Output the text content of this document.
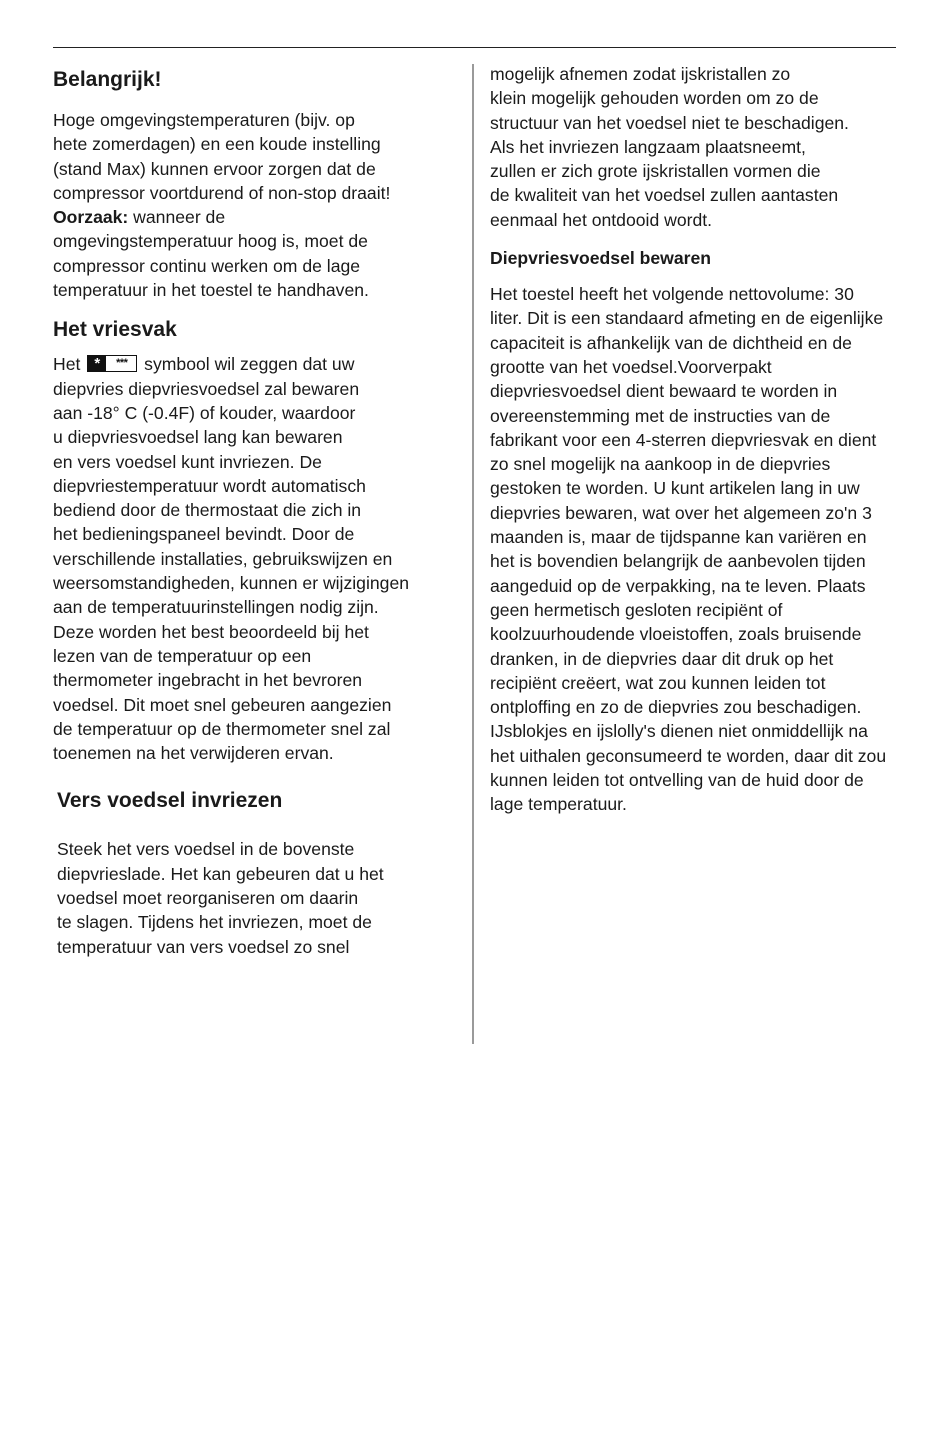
Belangrijk!
Hoge omgevingstemperaturen (bijv. op
hete zomerdagen) en een koude instelling
(stand Max) kunnen ervoor zorgen dat de
compressor voortdurend of non-stop draait!
Oorzaak: wanneer de
omgevingstemperatuur hoog is, moet de
compressor continu werken om de lage
temperatuur in het toestel te handhaven.
Het vriesvak
Het *	*** symbool wil zeggen dat uw
diepvries diepvriesvoedsel zal bewaren
aan -18° C (-0.4F) of kouder, waardoor
u diepvriesvoedsel lang kan bewaren
en vers voedsel kunt invriezen. De
diepvriestemperatuur wordt automatisch
bediend door de thermostaat die zich in
het bedieningspaneel bevindt. Door de
verschillende installaties, gebruikswijzen en
weersomstandigheden, kunnen er wijzigingen
aan de temperatuurinstellingen nodig zijn.
Deze worden het best beoordeeld bij het
lezen van de temperatuur op een
thermometer ingebracht in het bevroren
voedsel. Dit moet snel gebeuren aangezien
de temperatuur op de thermometer snel zal
toenemen na het verwijderen ervan.
Vers voedsel invriezen
Steek het vers voedsel in de bovenste
diepvrieslade. Het kan gebeuren dat u het
voedsel moet reorganiseren om daarin
te slagen. Tijdens het invriezen, moet de
temperatuur van vers voedsel zo snel
mogelijk afnemen zodat ijskristallen zo
klein mogelijk gehouden worden om zo de
structuur van het voedsel niet te beschadigen.
Als het invriezen langzaam plaatsneemt,
zullen er zich grote ijskristallen vormen die
de kwaliteit van het voedsel zullen aantasten
eenmaal het ontdooid wordt.
Diepvriesvoedsel bewaren
Het toestel heeft het volgende nettovolume: 30
liter. Dit is een standaard afmeting en de eigenlijke
capaciteit is afhankelijk van de dichtheid en de
grootte van het voedsel.Voorverpakt
diepvriesvoedsel dient bewaard te worden in
overeenstemming met de instructies van de
fabrikant voor een 4-sterren diepvriesvak en dient
zo snel mogelijk na aankoop in de diepvries
gestoken te worden. U kunt artikelen lang in uw
diepvries bewaren, wat over het algemeen zo'n 3
maanden is, maar de tijdspanne kan variëren en
het is bovendien belangrijk de aanbevolen tijden
aangeduid op de verpakking, na te leven. Plaats
geen hermetisch gesloten recipiënt of
koolzuurhoudende vloeistoffen, zoals bruisende
dranken, in de diepvries daar dit druk op het
recipiënt creëert, wat zou kunnen leiden tot
ontploffing en zo de diepvries zou beschadigen.
IJsblokjes en ijslolly's dienen niet onmiddellijk na
het uithalen geconsumeerd te worden, daar dit zou
kunnen leiden tot ontvelling van de huid door de
lage temperatuur.
